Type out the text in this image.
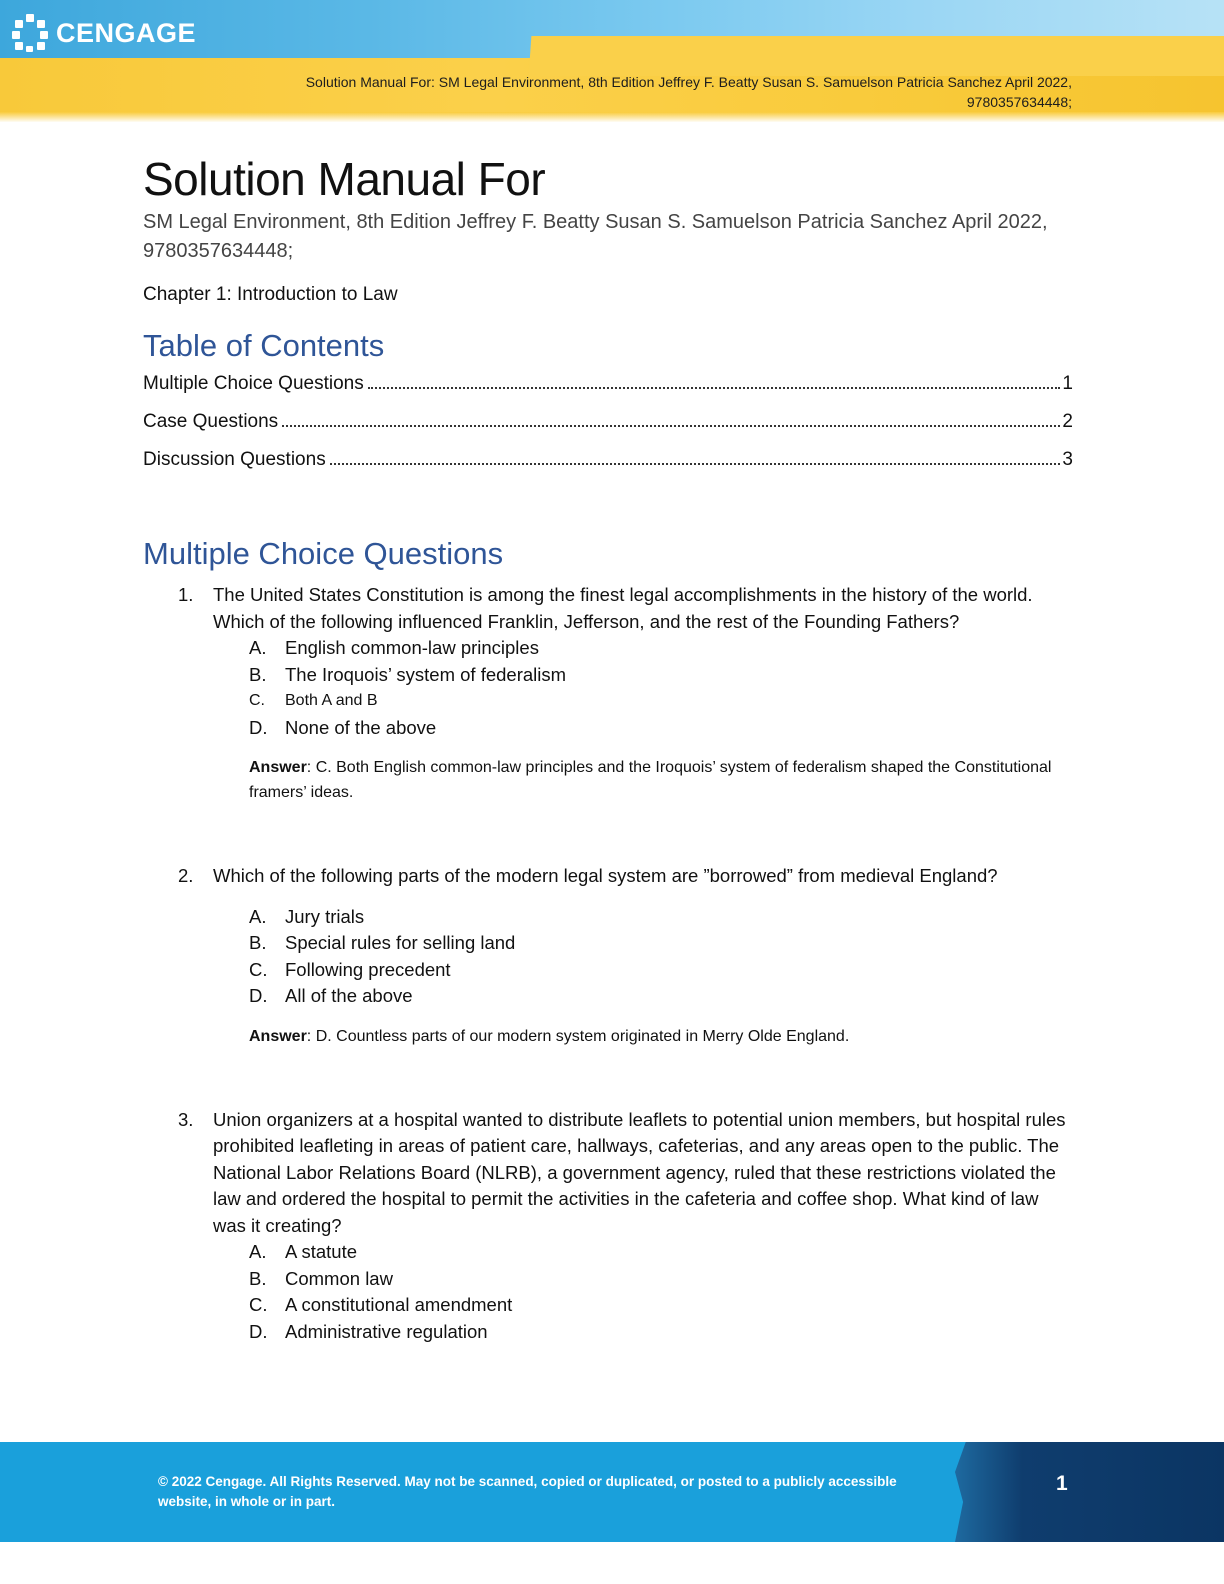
CENGAGE
Solution Manual For: SM Legal Environment, 8th Edition Jeffrey F. Beatty Susan S. Samuelson Patricia Sanchez April 2022,
9780357634448;
Solution Manual For
SM Legal Environment, 8th Edition Jeffrey F. Beatty Susan S. Samuelson Patricia Sanchez April 2022, 9780357634448;
Chapter 1: Introduction to Law
Table of Contents
Multiple Choice Questions	1
Case Questions	2
Discussion Questions	3
Multiple Choice Questions
1. The United States Constitution is among the finest legal accomplishments in the history of the world. Which of the following influenced Franklin, Jefferson, and the rest of the Founding Fathers?
A.	English common-law principles
B.	The Iroquois’ system of federalism
C.	Both A and B
D. None of the above
Answer: C. Both English common-law principles and the Iroquois’ system of federalism shaped the Constitutional framers’ ideas.
2. Which of the following parts of the modern legal system are ”borrowed” from medieval England?
A.	Jury trials
B.	Special rules for selling land
C. Following precedent
D. All of the above
Answer: D. Countless parts of our modern system originated in Merry Olde England.
3. Union organizers at a hospital wanted to distribute leaflets to potential union members, but hospital rules prohibited leafleting in areas of patient care, hallways, cafeterias, and any areas open to the public. The National Labor Relations Board (NLRB), a government agency, ruled that these restrictions violated the law and ordered the hospital to permit the activities in the cafeteria and coffee shop. What kind of law was it creating?
A.	A statute
B.	Common law
C. A constitutional amendment
D. Administrative regulation
© 2022 Cengage. All Rights Reserved. May not be scanned, copied or duplicated, or posted to a publicly accessible website, in whole or in part.
1
